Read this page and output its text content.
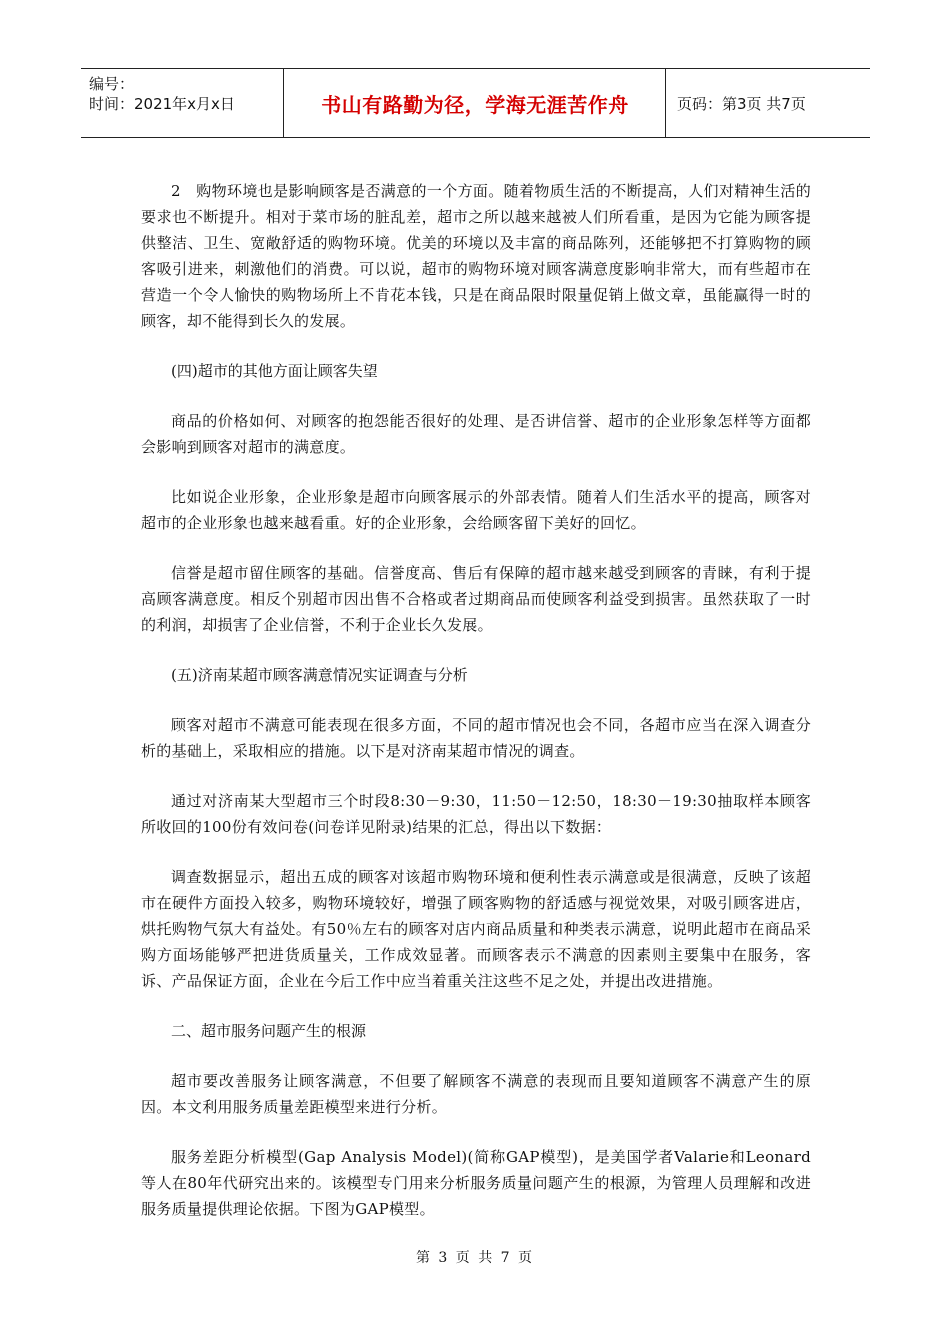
编号：
时间：2021年x月x日	书山有路勤为径，学海无涯苦作舟	页码：第3页 共7页

2　购物环境也是影响顾客是否满意的一个方面。随着物质生活的不断提高，人们对精神生活的要求也不断提升。相对于菜市场的脏乱差，超市之所以越来越被人们所看重，是因为它能为顾客提供整洁、卫生、宽敞舒适的购物环境。优美的环境以及丰富的商品陈列，还能够把不打算购物的顾客吸引进来，刺激他们的消费。可以说，超市的购物环境对顾客满意度影响非常大，而有些超市在营造一个令人愉快的购物场所上不肯花本钱，只是在商品限时限量促销上做文章，虽能赢得一时的顾客，却不能得到长久的发展。

(四)超市的其他方面让顾客失望

商品的价格如何、对顾客的抱怨能否很好的处理、是否讲信誉、超市的企业形象怎样等方面都会影响到顾客对超市的满意度。

比如说企业形象，企业形象是超市向顾客展示的外部表情。随着人们生活水平的提高，顾客对超市的企业形象也越来越看重。好的企业形象，会给顾客留下美好的回忆。

信誉是超市留住顾客的基础。信誉度高、售后有保障的超市越来越受到顾客的青睐，有利于提高顾客满意度。相反个别超市因出售不合格或者过期商品而使顾客利益受到损害。虽然获取了一时的利润，却损害了企业信誉，不利于企业长久发展。

(五)济南某超市顾客满意情况实证调查与分析

顾客对超市不满意可能表现在很多方面，不同的超市情况也会不同，各超市应当在深入调查分析的基础上，采取相应的措施。以下是对济南某超市情况的调查。

通过对济南某大型超市三个时段8:30－9:30，11:50－12:50，18:30－19:30抽取样本顾客所收回的100份有效问卷(问卷详见附录)结果的汇总，得出以下数据：

调查数据显示，超出五成的顾客对该超市购物环境和便利性表示满意或是很满意，反映了该超市在硬件方面投入较多，购物环境较好，增强了顾客购物的舒适感与视觉效果，对吸引顾客进店，烘托购物气氛大有益处。有50％左右的顾客对店内商品质量和种类表示满意，说明此超市在商品采购方面场能够严把进货质量关，工作成效显著。而顾客表示不满意的因素则主要集中在服务，客诉、产品保证方面，企业在今后工作中应当着重关注这些不足之处，并提出改进措施。

二、超市服务问题产生的根源

超市要改善服务让顾客满意，不但要了解顾客不满意的表现而且要知道顾客不满意产生的原因。本文利用服务质量差距模型来进行分析。

服务差距分析模型(Gap Analysis Model)(简称GAP模型)，是美国学者Valarie和Leonard等人在80年代研究出来的。该模型专门用来分析服务质量问题产生的根源，为管理人员理解和改进服务质量提供理论依据。下图为GAP模型。

第 3 页 共 7 页
